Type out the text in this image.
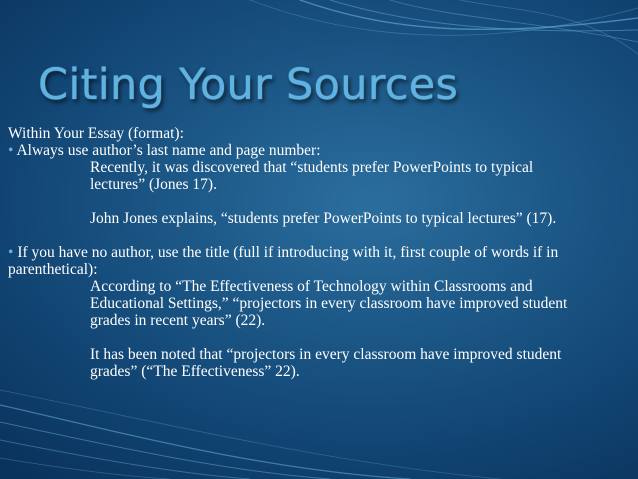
Citing Your Sources

Within Your Essay (format):

• Always use author’s last name and page number:

Recently, it was discovered that “students prefer PowerPoints to typical lectures” (Jones 17).

John Jones explains, “students prefer PowerPoints to typical lectures” (17).

• If you have no author, use the title (full if introducing with it, first couple of words if in parenthetical):

According to “The Effectiveness of Technology within Classrooms and Educational Settings,” “projectors in every classroom have improved student grades in recent years” (22).

It has been noted that “projectors in every classroom have improved student grades” (“The Effectiveness” 22).
